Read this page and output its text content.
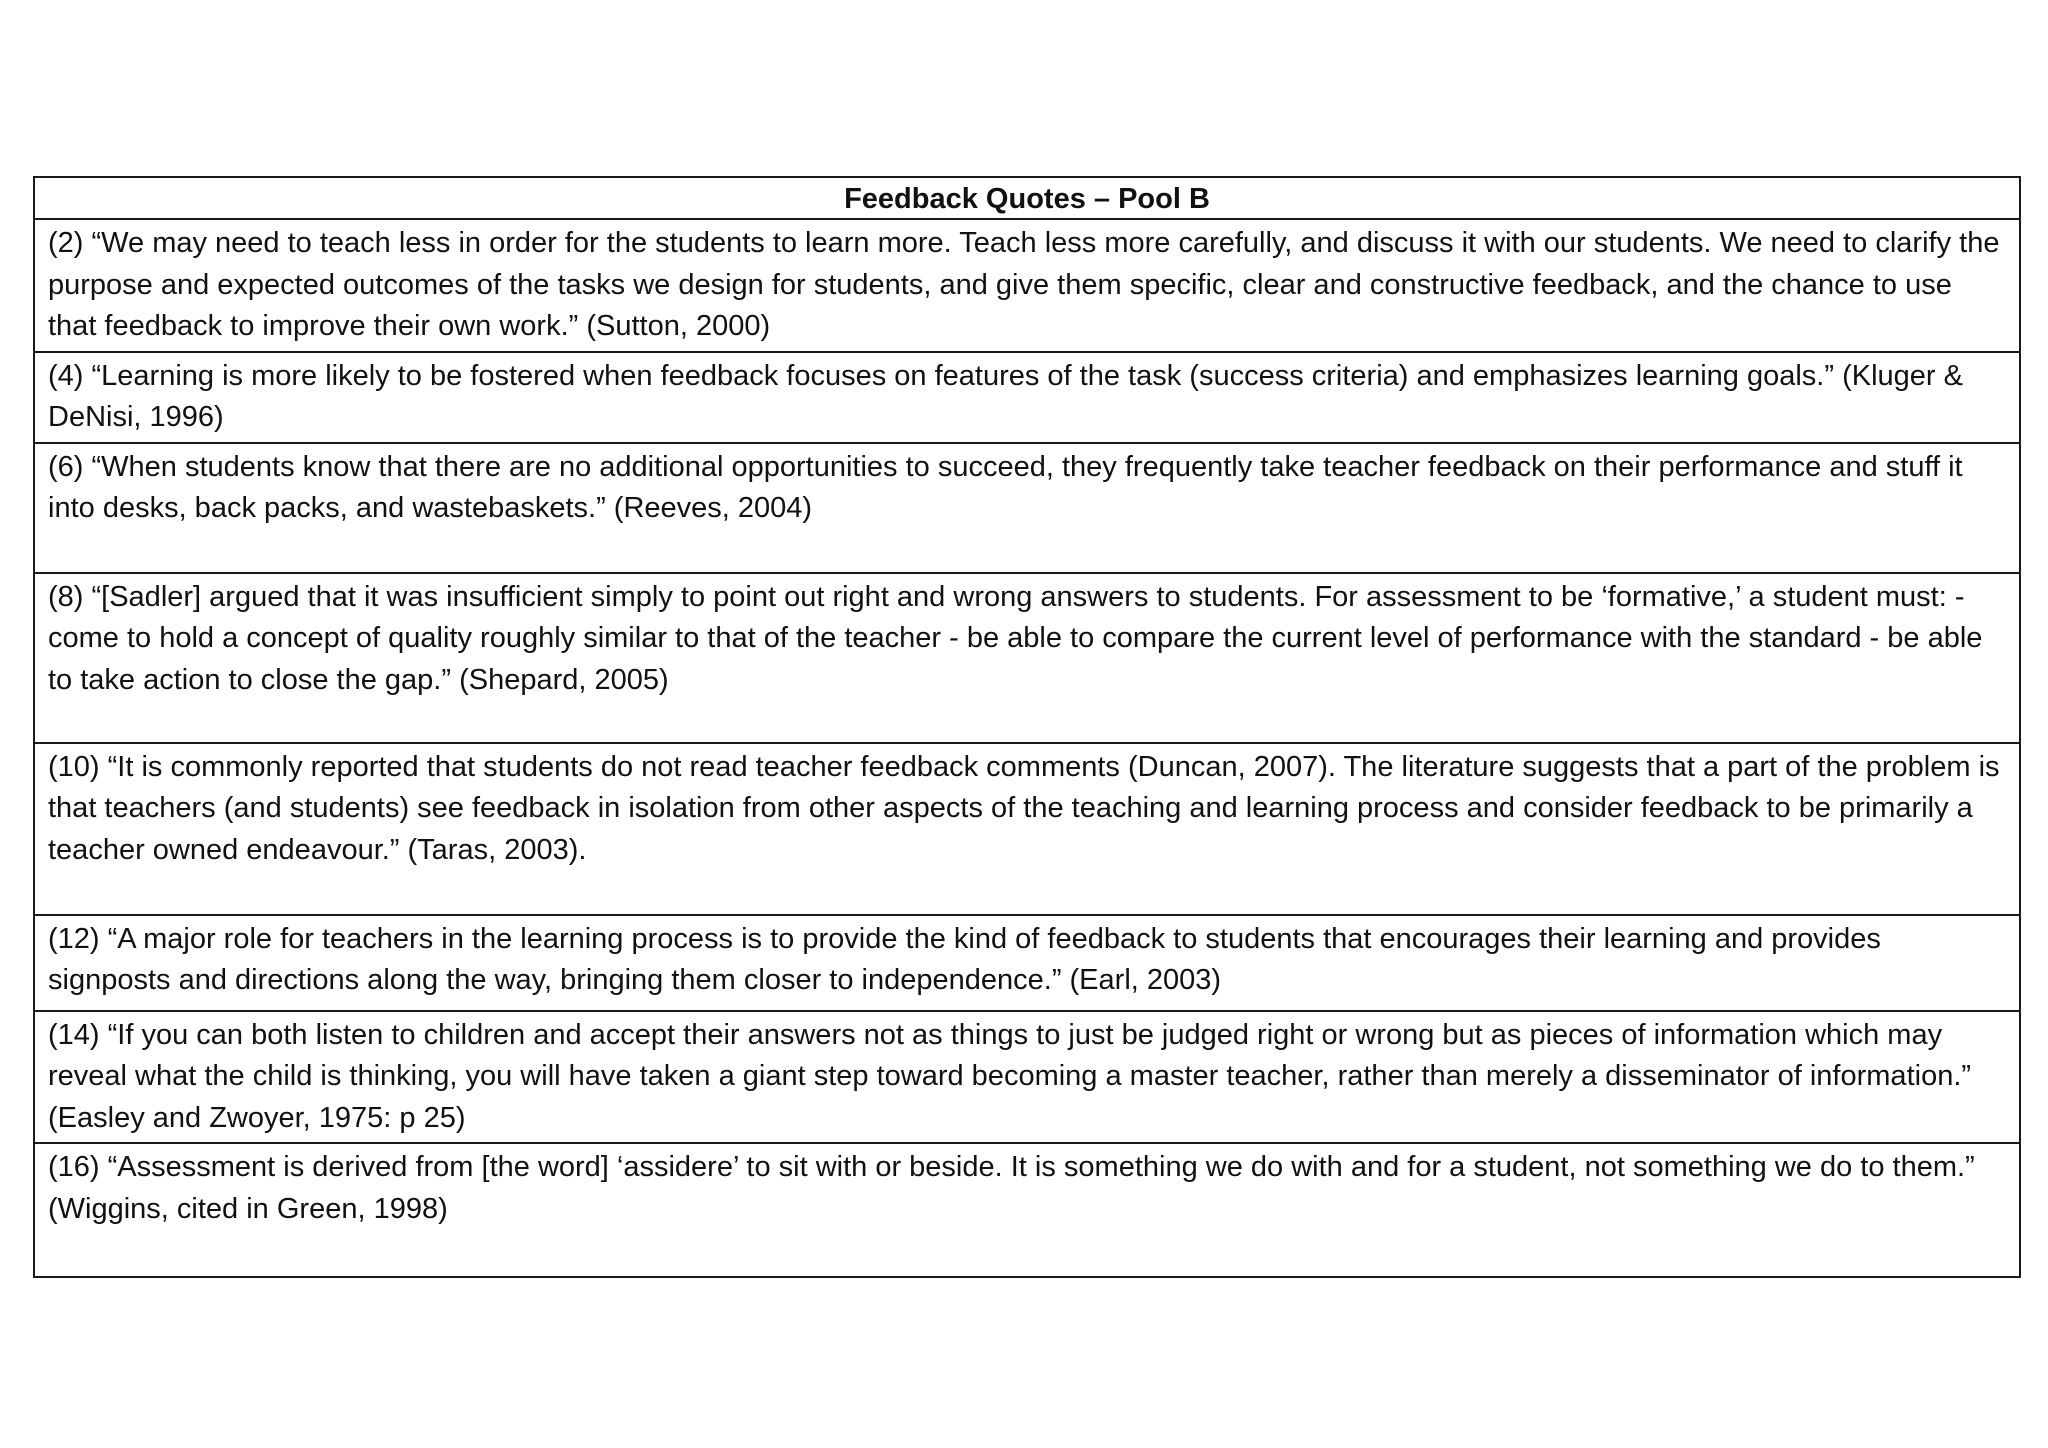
Feedback Quotes – Pool B
(2) “We may need to teach less in order for the students to learn more. Teach less more carefully, and discuss it with our students. We need to clarify the purpose and expected outcomes of the tasks we design for students, and give them specific, clear and constructive feedback, and the chance to use that feedback to improve their own work.” (Sutton, 2000)
(4) “Learning is more likely to be fostered when feedback focuses on features of the task (success criteria) and emphasizes learning goals.” (Kluger & DeNisi, 1996)
(6) “When students know that there are no additional opportunities to succeed, they frequently take teacher feedback on their performance and stuff it into desks, back packs, and wastebaskets.” (Reeves, 2004)
(8) “[Sadler] argued that it was insufficient simply to point out right and wrong answers to students. For assessment to be ‘formative,’ a student must: - come to hold a concept of quality roughly similar to that of the teacher - be able to compare the current level of performance with the standard - be able to take action to close the gap.” (Shepard, 2005)
(10) “It is commonly reported that students do not read teacher feedback comments (Duncan, 2007). The literature suggests that a part of the problem is that teachers (and students) see feedback in isolation from other aspects of the teaching and learning process and consider feedback to be primarily a teacher owned endeavour.” (Taras, 2003).
(12) “A major role for teachers in the learning process is to provide the kind of feedback to students that encourages their learning and provides signposts and directions along the way, bringing them closer to independence.” (Earl, 2003)
(14) “If you can both listen to children and accept their answers not as things to just be judged right or wrong but as pieces of information which may reveal what the child is thinking, you will have taken a giant step toward becoming a master teacher, rather than merely a disseminator of information.” (Easley and Zwoyer, 1975: p 25)
(16) “Assessment is derived from [the word] ‘assidere’ to sit with or beside. It is something we do with and for a student, not something we do to them.” (Wiggins, cited in Green, 1998)
